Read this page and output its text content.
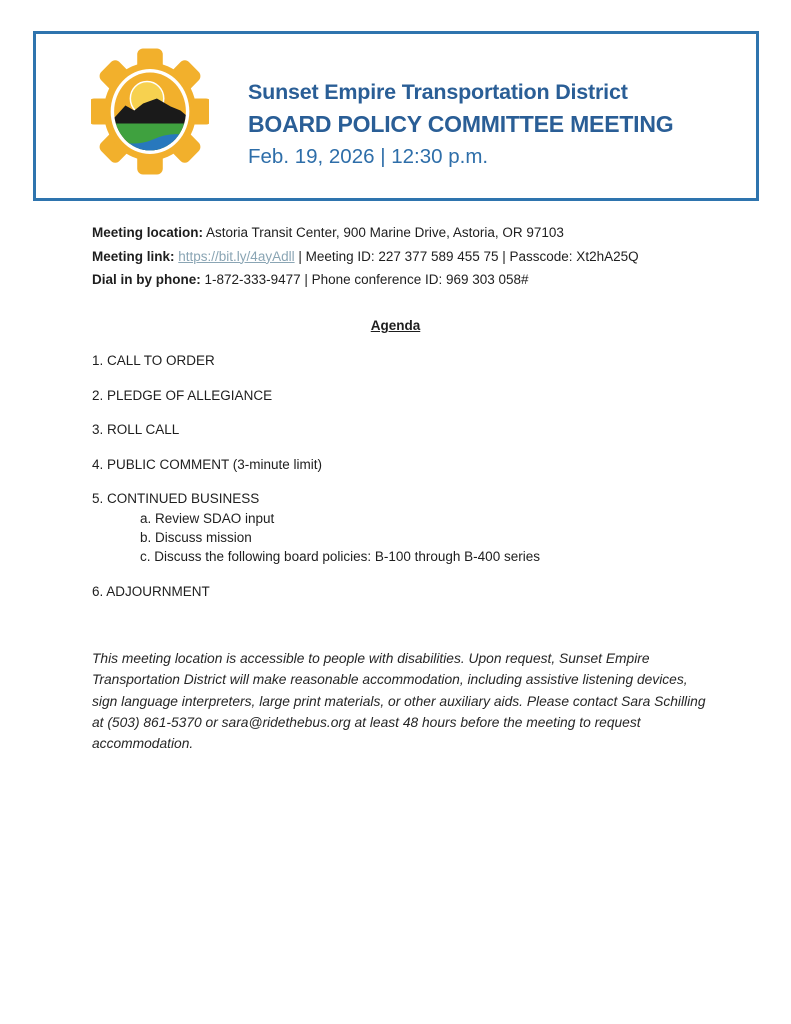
Sunset Empire Transportation District
BOARD POLICY COMMITTEE MEETING
Feb. 19, 2026 | 12:30 p.m.
Meeting location: Astoria Transit Center, 900 Marine Drive, Astoria, OR 97103
Meeting link: https://bit.ly/4ayAdll | Meeting ID: 227 377 589 455 75 | Passcode: Xt2hA25Q
Dial in by phone: 1-872-333-9477 | Phone conference ID: 969 303 058#
Agenda
1. CALL TO ORDER
2. PLEDGE OF ALLEGIANCE
3. ROLL CALL
4. PUBLIC COMMENT (3-minute limit)
5. CONTINUED BUSINESS
a. Review SDAO input
b. Discuss mission
c. Discuss the following board policies: B-100 through B-400 series
6. ADJOURNMENT

This meeting location is accessible to people with disabilities. Upon request, Sunset Empire Transportation District will make reasonable accommodation, including assistive listening devices, sign language interpreters, large print materials, or other auxiliary aids. Please contact Sara Schilling at (503) 861-5370 or sara@ridethebus.org at least 48 hours before the meeting to request accommodation.
